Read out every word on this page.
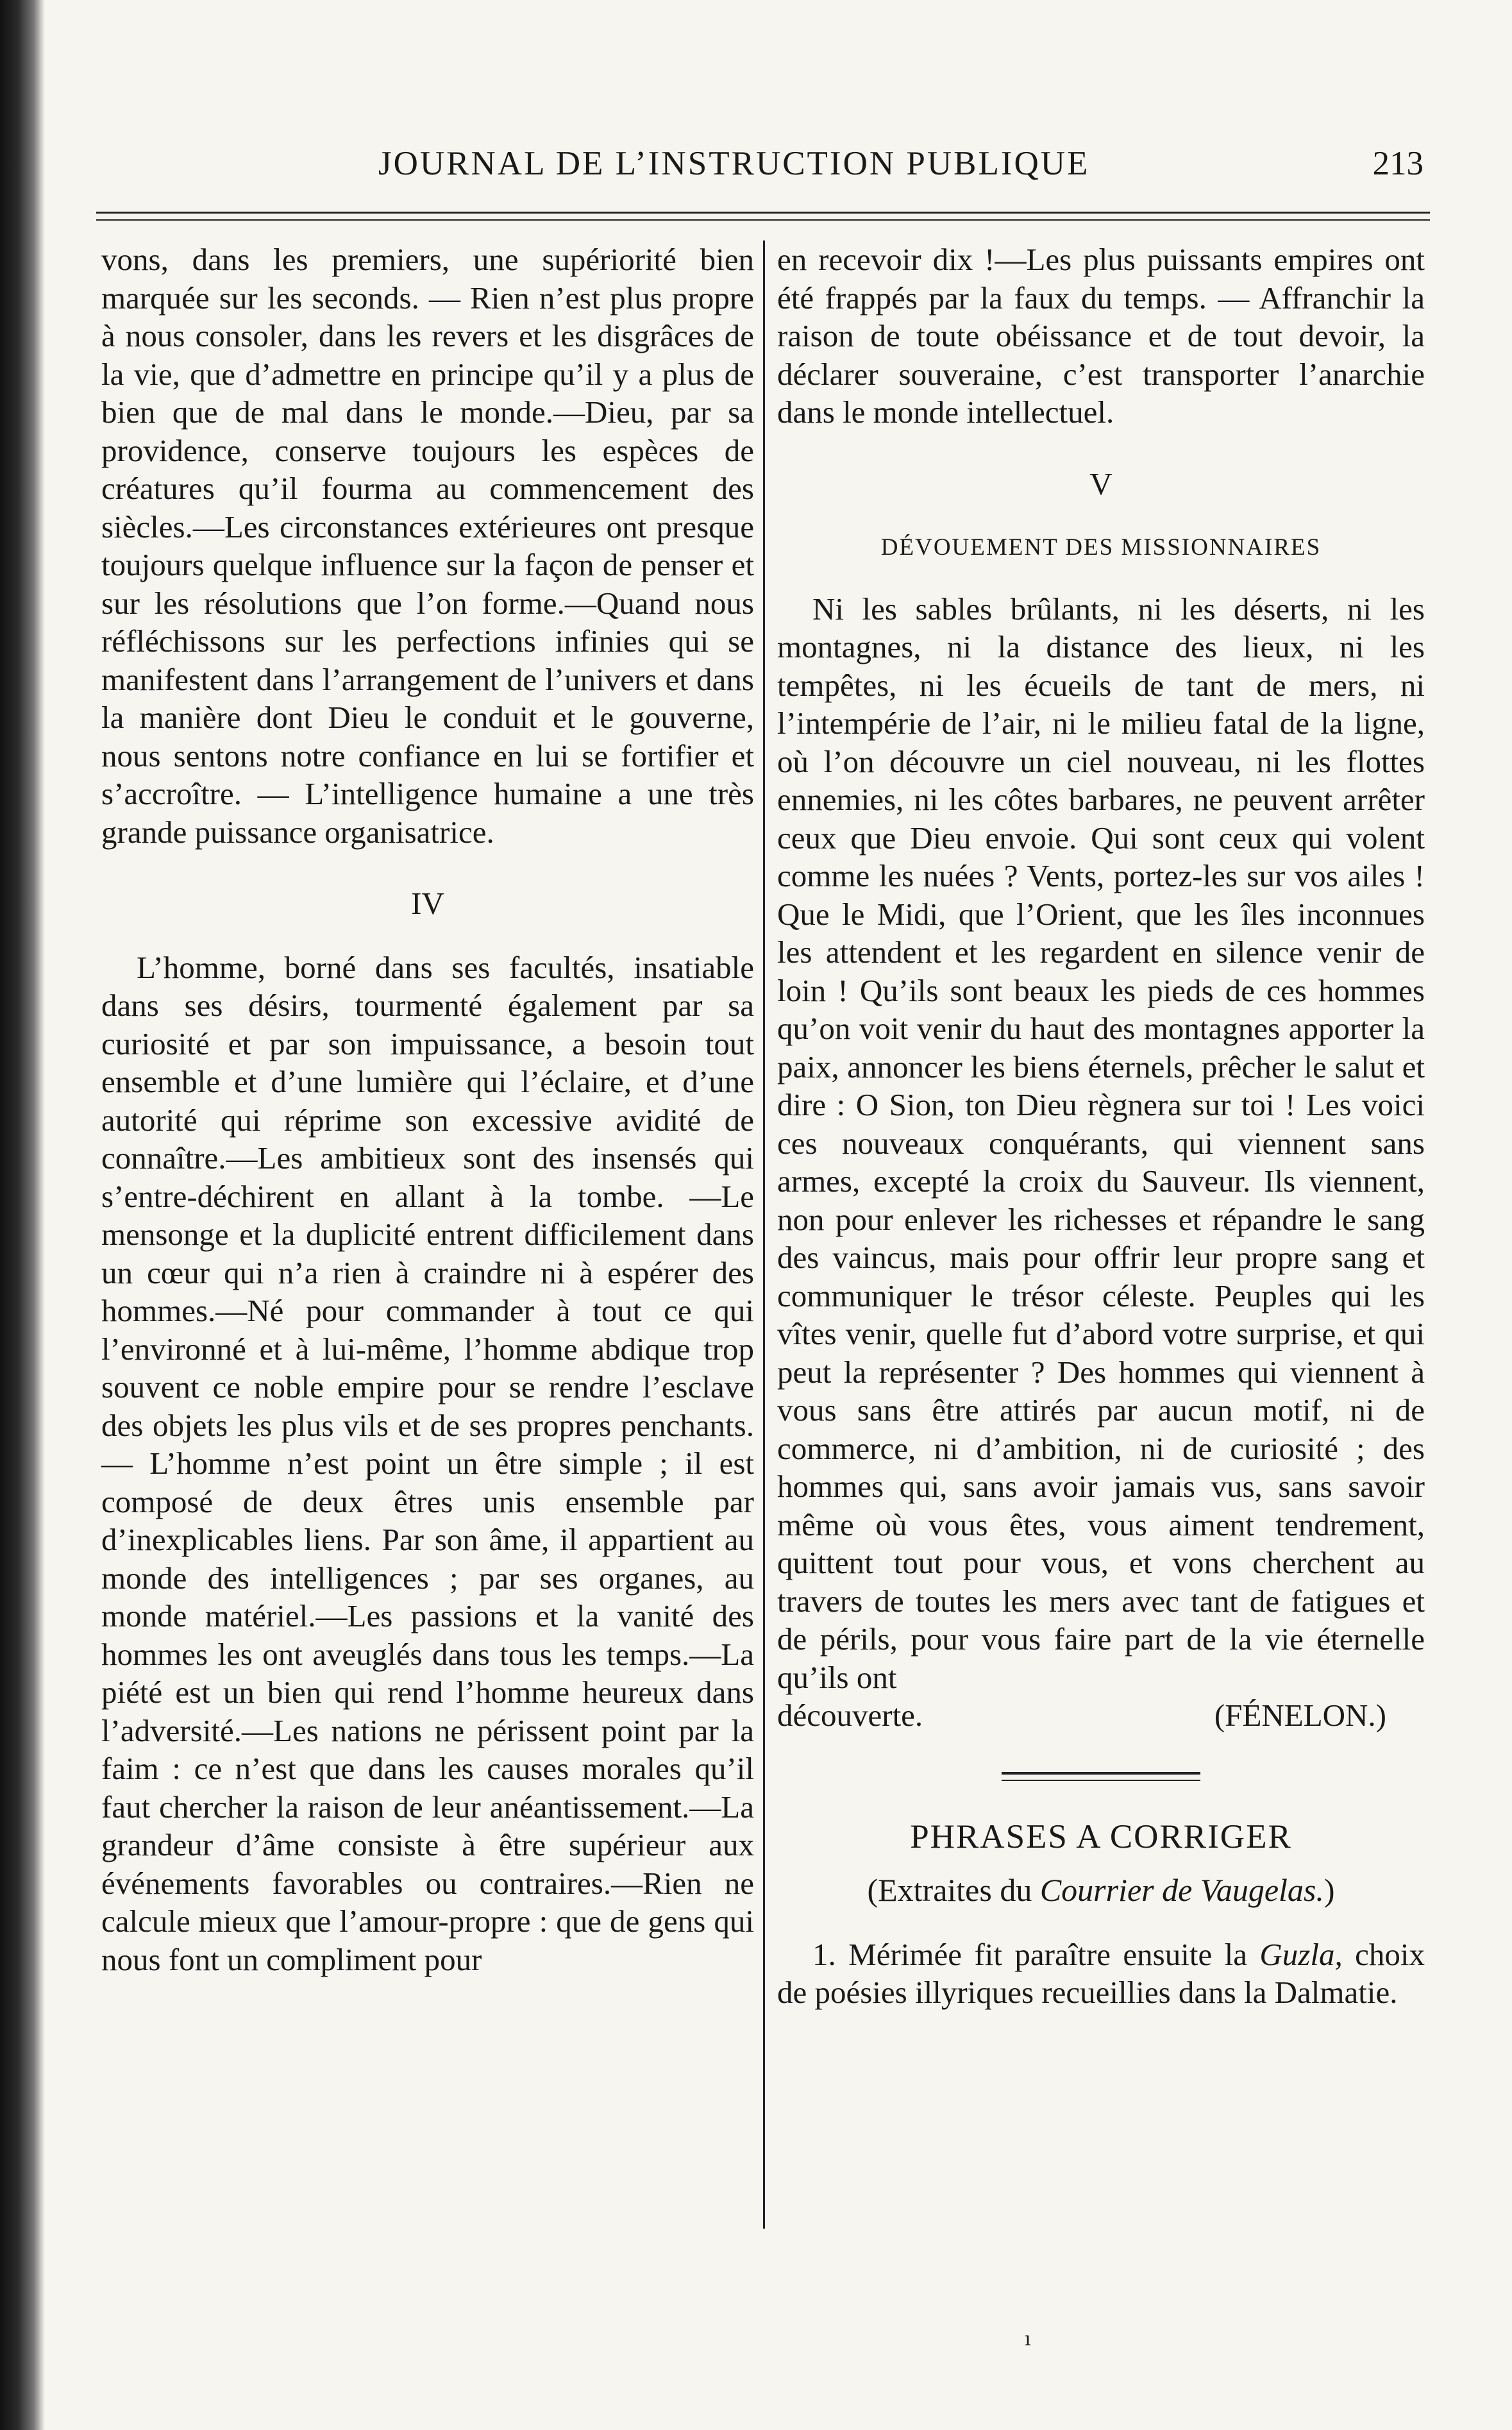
JOURNAL DE L’INSTRUCTION PUBLIQUE	213

vons, dans les premiers, une supériorité bien marquée sur les seconds. — Rien n’est plus propre à nous consoler, dans les revers et les disgrâces de la vie, que d’admettre en principe qu’il y a plus de bien que de mal dans le monde.—Dieu, par sa providence, conserve toujours les espèces de créatures qu’il fourma au commencement des siècles.—Les circonstances extérieures ont presque toujours quelque influence sur la façon de penser et sur les résolutions que l’on forme.—Quand nous réfléchissons sur les perfections infinies qui se manifestent dans l’arrangement de l’univers et dans la manière dont Dieu le conduit et le gouverne, nous sentons notre confiance en lui se fortifier et s’accroître. — L’intelligence humaine a une très grande puissance organisatrice.

IV

L’homme, borné dans ses facultés, insatiable dans ses désirs, tourmenté également par sa curiosité et par son impuissance, a besoin tout ensemble et d’une lumière qui l’éclaire, et d’une autorité qui réprime son excessive avidité de connaître.—Les ambitieux sont des insensés qui s’entre-déchirent en allant à la tombe. —Le mensonge et la duplicité entrent difficilement dans un cœur qui n’a rien à craindre ni à espérer des hommes.—Né pour commander à tout ce qui l’environné et à lui-même, l’homme abdique trop souvent ce noble empire pour se rendre l’esclave des objets les plus vils et de ses propres penchants. — L’homme n’est point un être simple ; il est composé de deux êtres unis ensemble par d’inexplicables liens. Par son âme, il appartient au monde des intelligences ; par ses organes, au monde matériel.—Les passions et la vanité des hommes les ont aveuglés dans tous les temps.—La piété est un bien qui rend l’homme heureux dans l’adversité.—Les nations ne périssent point par la faim : ce n’est que dans les causes morales qu’il faut chercher la raison de leur anéantissement.—La grandeur d’âme consiste à être supérieur aux événements favorables ou contraires.—Rien ne calcule mieux que l’amour-propre : que de gens qui nous font un compliment pour

en recevoir dix !—Les plus puissants empires ont été frappés par la faux du temps. — Affranchir la raison de toute obéissance et de tout devoir, la déclarer souveraine, c’est transporter l’anarchie dans le monde intellectuel.

V
DÉVOUEMENT DES MISSIONNAIRES

Ni les sables brûlants, ni les déserts, ni les montagnes, ni la distance des lieux, ni les tempêtes, ni les écueils de tant de mers, ni l’intempérie de l’air, ni le milieu fatal de la ligne, où l’on découvre un ciel nouveau, ni les flottes ennemies, ni les côtes barbares, ne peuvent arrêter ceux que Dieu envoie. Qui sont ceux qui volent comme les nuées ? Vents, portez-les sur vos ailes ! Que le Midi, que l’Orient, que les îles inconnues les attendent et les regardent en silence venir de loin ! Qu’ils sont beaux les pieds de ces hommes qu’on voit venir du haut des montagnes apporter la paix, annoncer les biens éternels, prêcher le salut et dire : O Sion, ton Dieu règnera sur toi ! Les voici ces nouveaux conquérants, qui viennent sans armes, excepté la croix du Sauveur. Ils viennent, non pour enlever les richesses et répandre le sang des vaincus, mais pour offrir leur propre sang et communiquer le trésor céleste. Peuples qui les vîtes venir, quelle fut d’abord votre surprise, et qui peut la représenter ? Des hommes qui viennent à vous sans être attirés par aucun motif, ni de commerce, ni d’ambition, ni de curiosité ; des hommes qui, sans avoir jamais vus, sans savoir même où vous êtes, vous aiment tendrement, quittent tout pour vous, et vons cherchent au travers de toutes les mers avec tant de fatigues et de périls, pour vous faire part de la vie éternelle qu’ils ont

découverte.	(FÉNELON.)
PHRASES A CORRIGER
(Extraites du Courrier de Vaugelas.)

1. Mérimée fit paraître ensuite la Guzla, choix de poésies illyriques recueillies dans la Dalmatie.

ı
